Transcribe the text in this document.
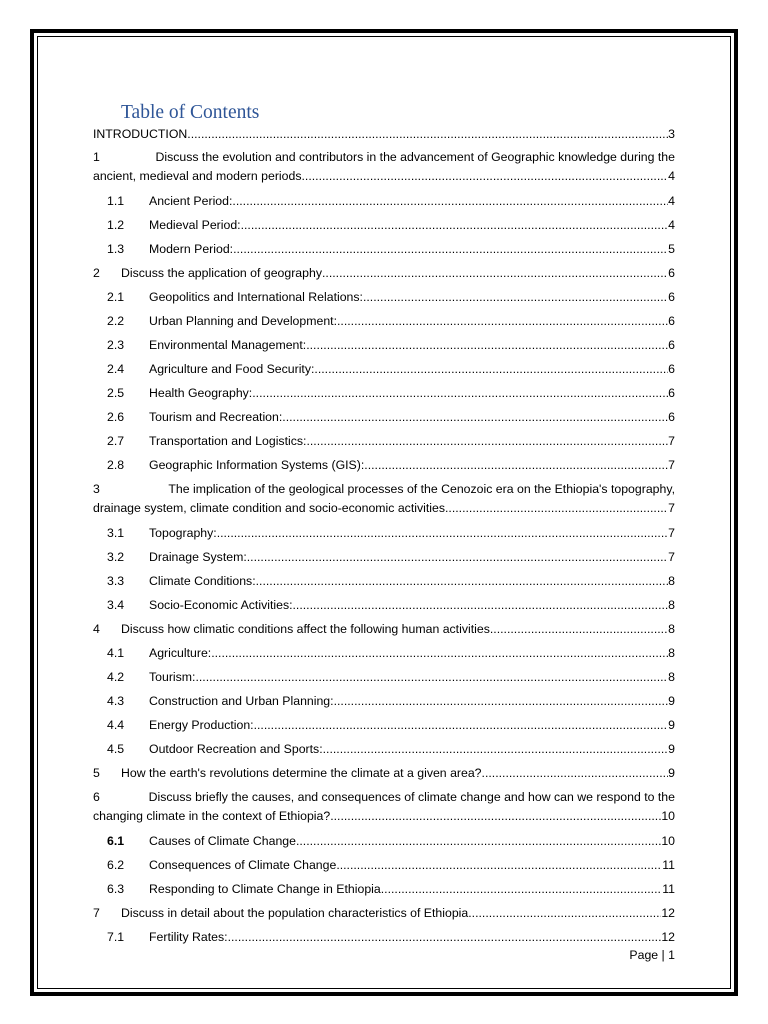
Table of Contents
INTRODUCTION .....	3
1	Discuss the evolution and contributors in the advancement of Geographic knowledge during the
ancient, medieval and modern periods .....	4
1.1	Ancient Period: .....	4
1.2	Medieval Period: .....	4
1.3	Modern Period: .....	5
2	Discuss the application of geography .....	6
2.1	Geopolitics and International Relations: .....	6
2.2	Urban Planning and Development: .....	6
2.3	Environmental Management: .....	6
2.4	Agriculture and Food Security: .....	6
2.5	Health Geography: .....	6
2.6	Tourism and Recreation: .....	6
2.7	Transportation and Logistics: .....	7
2.8	Geographic Information Systems (GIS): .....	7
3	The implication of the geological processes of the Cenozoic era on the Ethiopia's topography,
drainage system, climate condition and socio-economic activities .....	7
3.1	Topography: .....	7
3.2	Drainage System: .....	7
3.3	Climate Conditions: .....	8
3.4	Socio-Economic Activities: .....	8
4	Discuss how climatic conditions affect the following human activities .....	8
4.1	Agriculture: .....	8
4.2	Tourism: .....	8
4.3	Construction and Urban Planning: .....	9
4.4	Energy Production: .....	9
4.5	Outdoor Recreation and Sports: .....	9
5	How the earth's revolutions determine the climate at a given area? .....	9
6	Discuss briefly the causes, and consequences of climate change and how can we respond to the
changing climate in the context of Ethiopia? .....	10
6.1	Causes of Climate Change .....	10
6.2	Consequences of Climate Change .....	11
6.3	Responding to Climate Change in Ethiopia .....	11
7	Discuss in detail about the population characteristics of Ethiopia .....	12
7.1	Fertility Rates: .....	12
Page | 1
